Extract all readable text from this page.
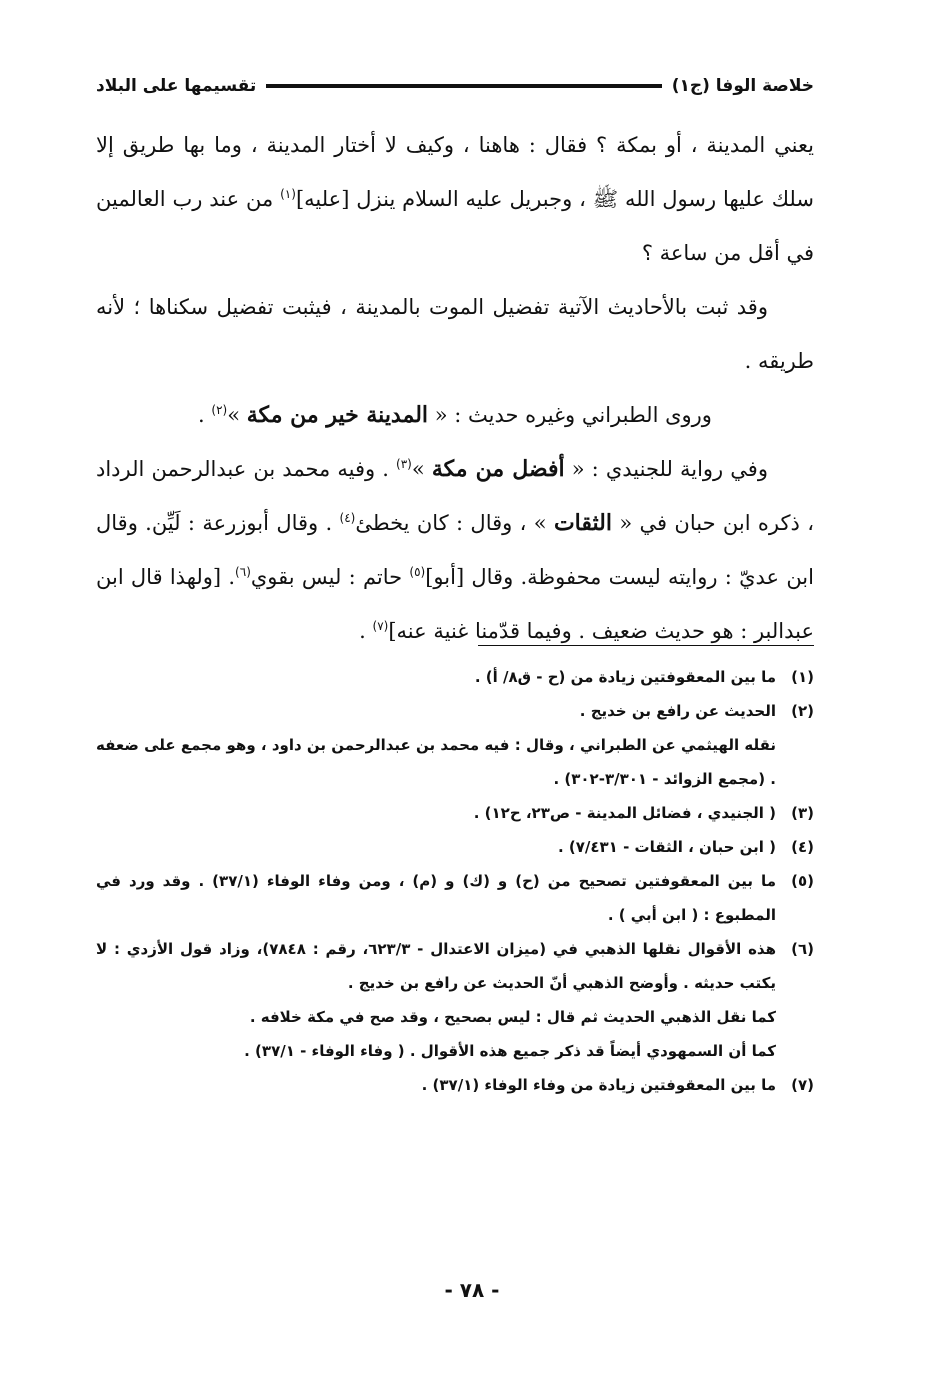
خلاصة الوفا (ج١)
تقسيمها على البلاد

يعني المدينة ، أو بمكة ؟ فقال : هاهنا ، وكيف لا أختار المدينة ، وما بها طريق إلا سلك عليها رسول الله ﷺ ، وجبريل عليه السلام ينزل [عليه]$^{(١)}$ من عند رب العالمين في أقل من ساعة ؟

وقد ثبت بالأحاديث الآتية تفضيل الموت بالمدينة ، فيثبت تفضيل سكناها ؛ لأنه طريقه .

وروى الطبراني وغيره حديث : « المدينة خير من مكة »$^{(٢)}$ .

وفي رواية للجنيدي : « أفضل من مكة »$^{(٣)}$ . وفيه محمد بن عبدالرحمن الرداد ، ذكره ابن حبان في « الثقات » ، وقال : كان يخطئ$^{(٤)}$ . وقال أبوزرعة : لَيِّن. وقال ابن عديّ : روايته ليست محفوظة. وقال [أبو]$^{(٥)}$ حاتم : ليس بقوي$^{(٦)}$. [ولهذا قال ابن عبدالبر : هو حديث ضعيف . وفيما قدّمنا غنية عنه]$^{(٧)}$ .

(١)
ما بين المعقوفتين زيادة من (ح - ق٨/ أ) .
(٢)
الحديث عن رافع بن خديج .
نقله الهيثمي عن الطبراني ، وقال : فيه محمد بن عبدالرحمن بن داود ، وهو مجمع على ضعفه . (مجمع الزوائد - ٣/٣٠١-٣٠٢) .
(٣)
( الجنيدي ، فضائل المدينة - ص٢٣، ح١٢) .
(٤)
( ابن حبان ، الثقات - ٧/٤٣١) .
(٥)
ما بين المعقوفتين تصحيح من (ح) و (ك) و (م) ، ومن وفاء الوفاء (٣٧/١) . وقد ورد في المطبوع : ( ابن أبي ) .
(٦)
هذه الأقوال نقلها الذهبي في (ميزان الاعتدال - ٦٢٣/٣، رقم : ٧٨٤٨)، وزاد قول الأزدي : لا يكتب حديثه . وأوضح الذهبي أنّ الحديث عن رافع بن خديج .
كما نقل الذهبي الحديث ثم قال : ليس بصحيح ، وقد صح في مكة خلافه .
كما أن السمهودي أيضاً قد ذكر جميع هذه الأقوال . ( وفاء الوفاء - ٣٧/١) .
(٧)
ما بين المعقوفتين زيادة من وفاء الوفاء (٣٧/١) .
- ٧٨ -
